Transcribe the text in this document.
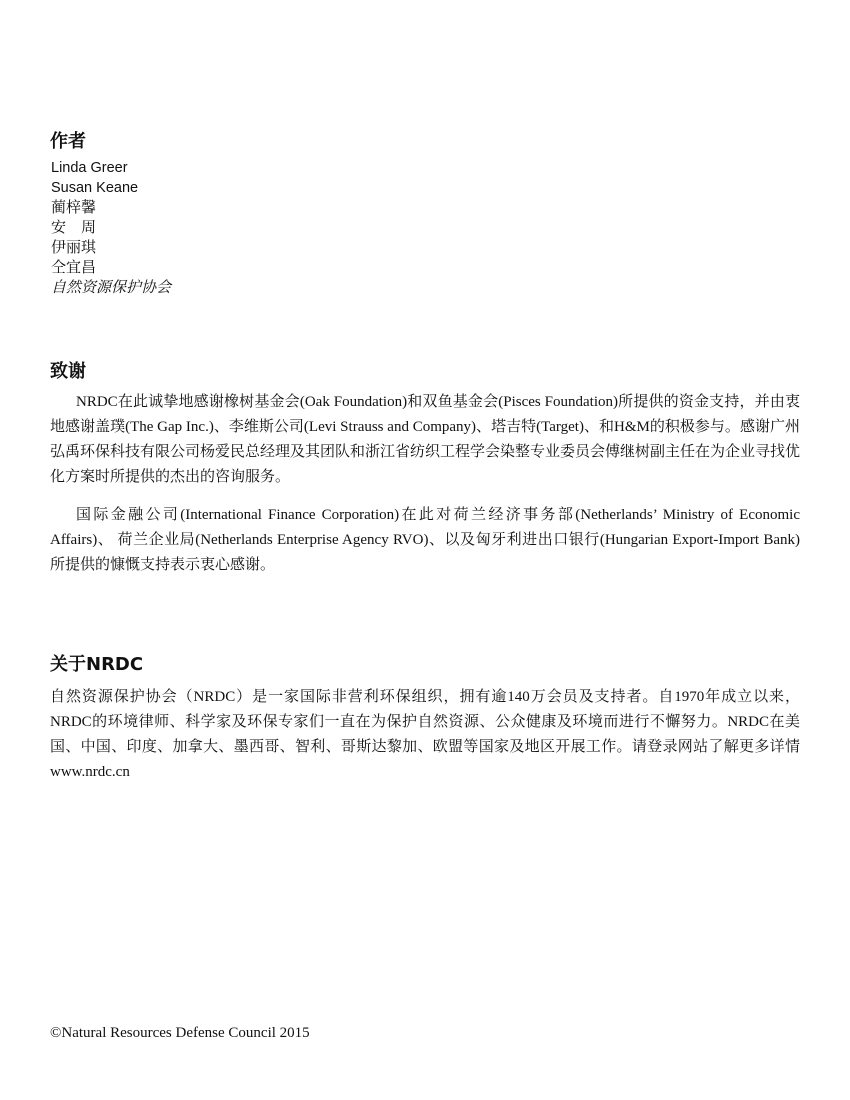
作者
Linda Greer
Susan Keane
蔺梓馨
安　周
伊丽琪
仝宜昌
自然资源保护协会
致谢

NRDC在此诚挚地感谢橡树基金会(Oak Foundation)和双鱼基金会(Pisces Foundation)所提供的资金支持，并由衷地感谢盖璞(The Gap Inc.)、李维斯公司(Levi Strauss and Company)、塔吉特(Target)、和H&M的积极参与。感谢广州弘禹环保科技有限公司杨爱民总经理及其团队和浙江省纺织工程学会染整专业委员会傅继树副主任在为企业寻找优化方案时所提供的杰出的咨询服务。

国际金融公司(International Finance Corporation)在此对荷兰经济事务部(Netherlands’ Ministry of Economic Affairs)、 荷兰企业局(Netherlands Enterprise Agency RVO)、以及匈牙利进出口银行(Hungarian Export-Import Bank)所提供的慷慨支持表示衷心感谢。

关于NRDC

自然资源保护协会（NRDC）是一家国际非营利环保组织，拥有逾140万会员及支持者。自1970年成立以来，NRDC的环境律师、科学家及环保专家们一直在为保护自然资源、公众健康及环境而进行不懈努力。NRDC在美国、中国、印度、加拿大、墨西哥、智利、哥斯达黎加、欧盟等国家及地区开展工作。请登录网站了解更多详情 www.nrdc.cn

©Natural Resources Defense Council 2015
